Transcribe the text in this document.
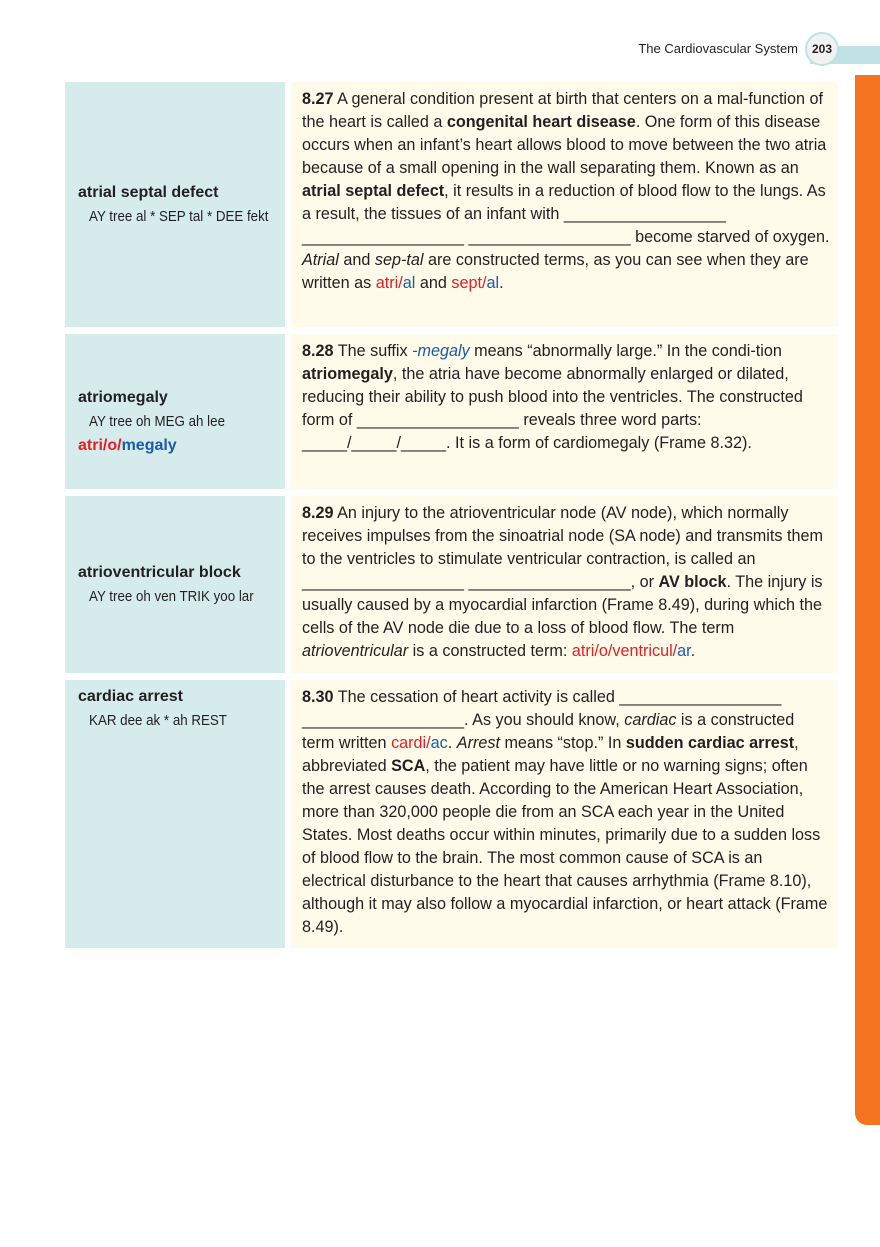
The Cardiovascular System	203
atrial septal defect
AY tree al * SEP tal * DEE fekt

8.27 A general condition present at birth that centers on a mal-function of the heart is called a congenital heart disease. One form of this disease occurs when an infant’s heart allows blood to move between the two atria because of a small opening in the wall separating them. Known as an atrial septal defect, it results in a reduction of blood flow to the lungs. As a result, the tissues of an infant with __________________ __________________ __________________ become starved of oxygen. Atrial and sep-tal are constructed terms, as you can see when they are written as atri/al and sept/al.

atriomegaly
AY tree oh MEG ah lee
atri/o/megaly

8.28 The suffix -megaly means “abnormally large.” In the condi-tion atriomegaly, the atria have become abnormally enlarged or dilated, reducing their ability to push blood into the ventricles. The constructed form of __________________ reveals three word parts: _____/_____/_____. It is a form of cardiomegaly (Frame 8.32).

atrioventricular block
AY tree oh ven TRIK yoo lar

8.29 An injury to the atrioventricular node (AV node), which normally receives impulses from the sinoatrial node (SA node) and transmits them to the ventricles to stimulate ventricular contraction, is called an __________________ __________________, or AV block. The injury is usually caused by a myocardial infarction (Frame 8.49), during which the cells of the AV node die due to a loss of blood flow. The term atrioventricular is a constructed term: atri/o/ventricul/ar.

cardiac arrest
KAR dee ak * ah REST

8.30 The cessation of heart activity is called __________________ __________________. As you should know, cardiac is a constructed term written cardi/ac. Arrest means “stop.” In sudden cardiac arrest, abbreviated SCA, the patient may have little or no warning signs; often the arrest causes death. According to the American Heart Association, more than 320,000 people die from an SCA each year in the United States. Most deaths occur within minutes, primarily due to a sudden loss of blood flow to the brain. The most common cause of SCA is an electrical disturbance to the heart that causes arrhythmia (Frame 8.10), although it may also follow a myocardial infarction, or heart attack (Frame 8.49).
